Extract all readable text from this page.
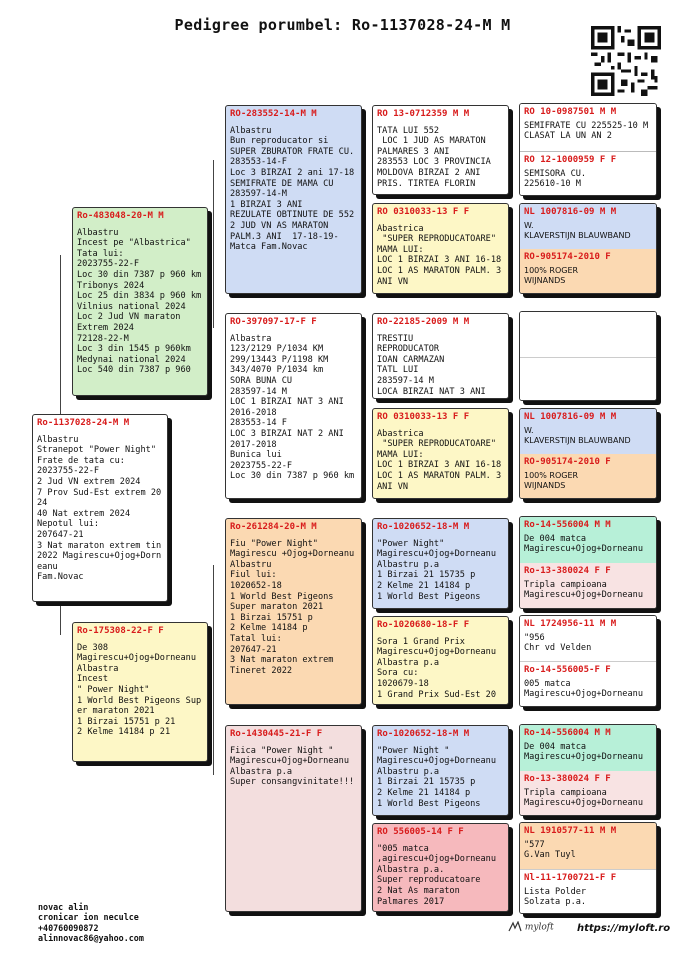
Pedigree porumbel: Ro-1137028-24-M M
Ro-1137028-24-M M
Albastru
Stranepot "Power Night"
Frate de tata cu:
2023755-22-F
2 Jud VN extrem 2024
7 Prov Sud-Est extrem 20
24
40 Nat extrem 2024
Nepotul lui:
207647-21
3 Nat maraton extrem tin
2022 Magirescu+Ojog+Dorn
eanu
Fam.Novac
Ro-483048-20-M M
Albastru
Incest pe "Albastrica"
Tata lui:
2023755-22-F
Loc 30 din 7387 p 960 km
Tribonys 2024
Loc 25 din 3834 p 960 km
Vilnius national 2024
Loc 2 Jud VN maraton
Extrem 2024
72128-22-M
Loc 3 din 1545 p 960km
Medynai national 2024
Loc 540 din 7387 p 960
Ro-175308-22-F F
De 308
Magirescu+Ojog+Dorneanu
Albastra
Incest
" Power Night"
1 World Best Pigeons Sup
er maraton 2021
1 Birzai 15751 p 21
2 Kelme 14184 p 21
RO-283552-14-M M
Albastru
Bun reproducator si
SUPER ZBURATOR FRATE CU.
283553-14-F
Loc 3 BIRZAI 2 ani 17-18
SEMIFRATE DE MAMA CU
283597-14-M
1 BIRZAI 3 ANI
REZULATE OBTINUTE DE 552
2 JUD VN AS MARATON
PALM.3 ANI  17-18-19-
Matca Fam.Novac
RO-397097-17-F F
Albastra
123/2129 P/1034 KM
299/13443 P/1198 KM
343/4070 P/1034 km
SORA BUNA CU
283597-14 M
LOC 1 BIRZAI NAT 3 ANI
2016-2018
283553-14 F
LOC 3 BIRZAI NAT 2 ANI
2017-2018
Bunica lui
2023755-22-F
Loc 30 din 7387 p 960 km
Ro-261284-20-M M
Fiu "Power Night"
Magirescu +Ojog+Dorneanu
Albastru
Fiul lui:
1020652-18
1 World Best Pigeons
Super maraton 2021
1 Birzai 15751 p
2 Kelme 14184 p
Tatal lui:
207647-21
3 Nat maraton extrem
Tineret 2022
Ro-1430445-21-F F
Fiica "Power Night "
Magirescu+Ojog+Dorneanu
Albastra p.a
Super consangvinitate!!!
RO 13-0712359 M M
TATA LUI 552
LOC 1 JUD AS MARATON
PALMARES 3 ANI
283553 LOC 3 PROVINCIA
MOLDOVA BIRZAI 2 ANI
PRIS. TIRTEA FLORIN
RO 0310033-13 F F
Abastrica
"SUPER REPRODUCATOARE"
MAMA LUI:
LOC 1 BIRZAI 3 ANI 16-18
LOC 1 AS MARATON PALM. 3
ANI VN
RO-22185-2009 M M
TRESTIU
REPRODUCATOR
IOAN CARMAZAN
TATL LUI
283597-14 M
LOCA BIRZAI NAT 3 ANI
RO 0310033-13 F F
Abastrica
"SUPER REPRODUCATOARE"
MAMA LUI:
LOC 1 BIRZAI 3 ANI 16-18
LOC 1 AS MARATON PALM. 3
ANI VN
Ro-1020652-18-M M
"Power Night"
Magirescu+Ojog+Dorneanu
Albastru p.a
1 Birzai 21 15735 p
2 Kelme 21 14184 p
1 World Best Pigeons
Ro-1020680-18-F F
Sora 1 Grand Prix
Magirescu+Ojog+Dorneanu
Albastra p.a
Sora cu:
1020679-18
1 Grand Prix Sud-Est 20
Ro-1020652-18-M M
"Power Night "
Magirescu+Ojog+Dorneanu
Albastru p.a
1 Birzai 21 15735 p
2 Kelme 21 14184 p
1 World Best Pigeons
RO 556005-14 F F
"005 matca
,agirescu+Ojog+Dorneanu
Albastra p.a.
Super reproducatoare
2 Nat As maraton
Palmares 2017
RO 10-0987501 M M
SEMIFRATE CU 225525-10 M
CLASAT LA UN AN 2
RO 12-1000959 F F
SEMISORA CU.
225610-10 M
NL 1007816-09 M M
W.
KLAVERSTIJN BLAUWBAND
RO-905174-2010 F
100% ROGER
WIJNANDS
NL 1007816-09 M M
W.
KLAVERSTIJN BLAUWBAND
RO-905174-2010 F
100% ROGER
WIJNANDS
Ro-14-556004 M M
De 004 matca
Magirescu+Ojog+Dorneanu
Ro-13-380024 F F
Tripla campioana
Magirescu+Ojog+Dorneanu
NL 1724956-11 M M
"956
Chr vd Velden
Ro-14-556005-F F
005 matca
Magirescu+Ojog+Dorneanu
Ro-14-556004 M M
De 004 matca
Magirescu+Ojog+Dorneanu
Ro-13-380024 F F
Tripla campioana
Magirescu+Ojog+Dorneanu
NL 1910577-11 M M
"577
G.Van Tuyl
Nl-11-1700721-F F
Lista Polder
Solzata p.a.
novac alin
cronicar ion neculce
+40760090872
alinnovac86@yahoo.com
myloft https://myloft.ro
